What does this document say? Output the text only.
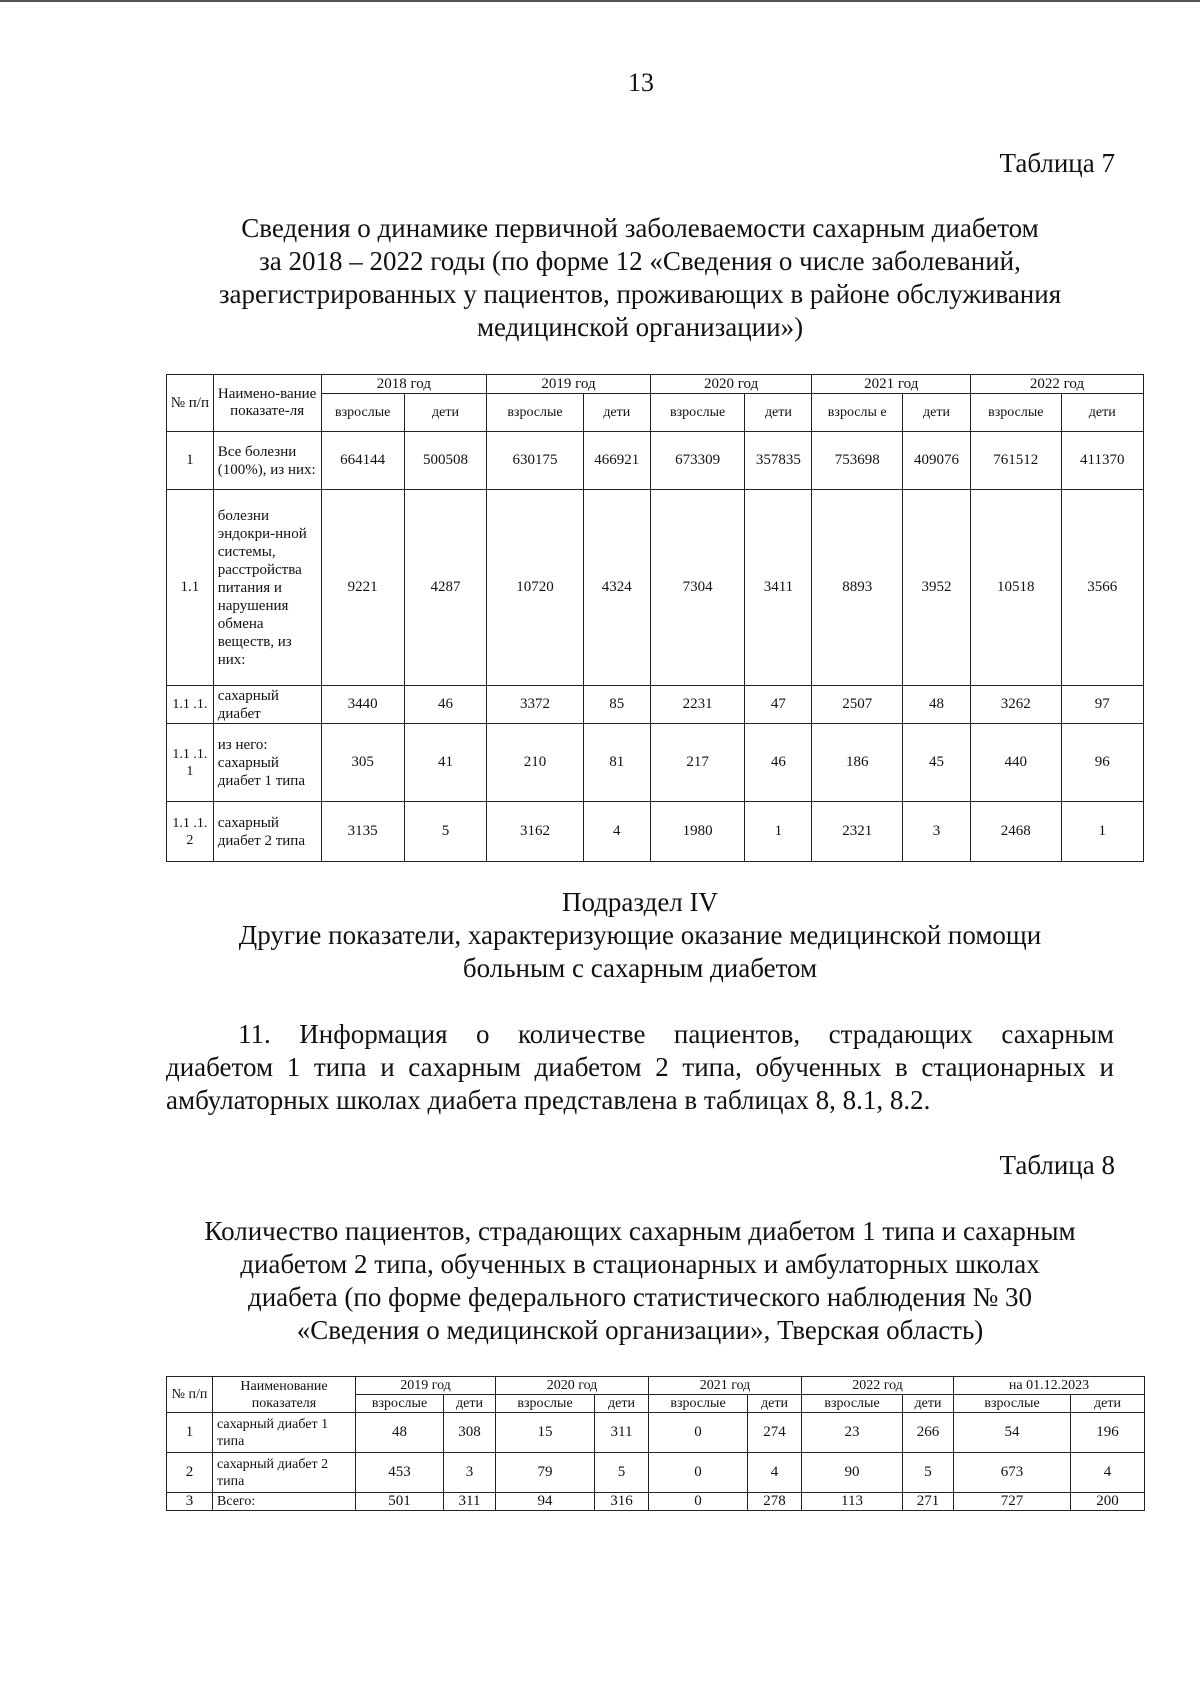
13
Таблица 7
Сведения о динамике первичной заболеваемости сахарным диабетом
за 2018 – 2022 годы (по форме 12 «Сведения о числе заболеваний,
зарегистрированных у пациентов, проживающих в районе обслуживания
медицинской организации»)
№ п/п	Наимено-вание показате-ля	2018 год		2019 год		2020 год		2021 год		2022 год	
		взрослые	дети	взрослые	дети	взрослые	дети	взрослы е	дети	взрослые	дети
1	Все болезни (100%), из них:	664144	500508	630175	466921	673309	357835	753698	409076	761512	411370
1.1	болезни эндокри-нной системы, расстройства питания и нарушения обмена веществ, из них:	9221	4287	10720	4324	7304	3411	8893	3952	10518	3566
1.1 .1.	сахарный диабет	3440	46	3372	85	2231	47	2507	48	3262	97
1.1 .1. 1	из него: сахарный диабет 1 типа	305	41	210	81	217	46	186	45	440	96
1.1 .1. 2	сахарный диабет 2 типа	3135	5	3162	4	1980	1	2321	3	2468	1
Подраздел IV
Другие показатели, характеризующие оказание медицинской помощи
больным с сахарным диабетом
11. Информация о количестве пациентов, страдающих сахарным
диабетом 1 типа и сахарным диабетом 2 типа, обученных в стационарных и
амбулаторных школах диабета представлена в таблицах 8, 8.1, 8.2.
Таблица 8
Количество пациентов, страдающих сахарным диабетом 1 типа и сахарным
диабетом 2 типа, обученных в стационарных и амбулаторных школах
диабета (по форме федерального статистического наблюдения № 30
«Сведения о медицинской организации», Тверская область)
№ п/п	Наименование показателя	2019 год		2020 год		2021 год		2022 год		на 01.12.2023	
		взрослые	дети	взрослые	дети	взрослые	дети	взрослые	дети	взрослые	дети
1	сахарный диабет 1 типа	48	308	15	311	0	274	23	266	54	196
2	сахарный диабет 2 типа	453	3	79	5	0	4	90	5	673	4
3	Всего:	501	311	94	316	0	278	113	271	727	200
